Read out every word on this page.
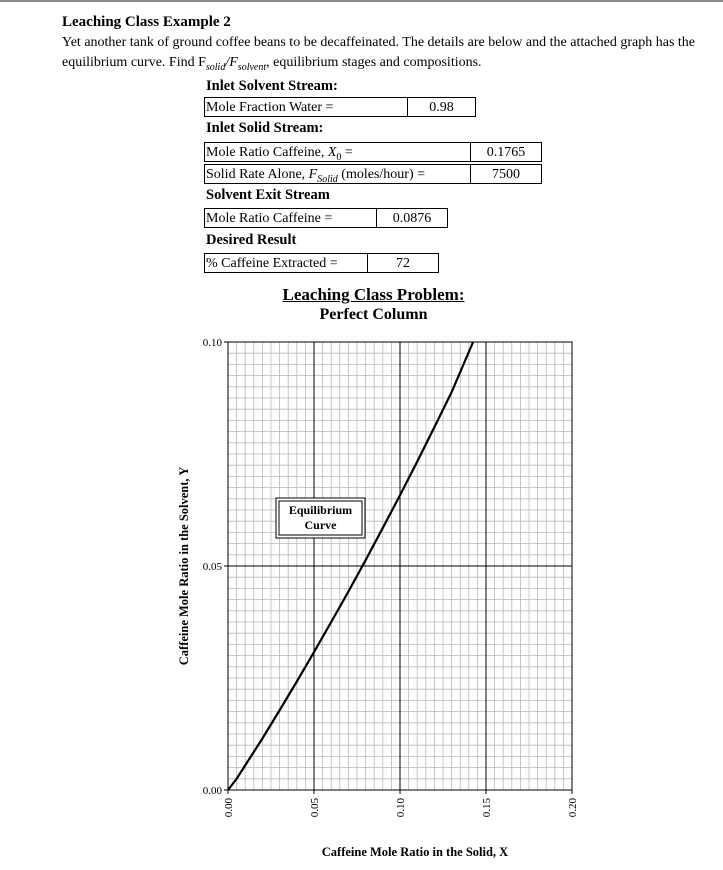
Leaching Class Example 2
Yet another tank of ground coffee beans to be decaffeinated. The details are below and the attached graph has the equilibrium curve. Find $F_{solid}/F_{solvent}$, equilibrium stages and compositions.
Inlet Solvent Stream:
Mole Fraction Water =	0.98
Inlet Solid Stream:
Mole Ratio Caffeine, $X_0$ =	0.1765
Solid Rate Alone, $F_{Solid}$ (moles/hour) =	7500
Solvent Exit Stream
Mole Ratio Caffeine =	0.0876
Desired Result
% Caffeine Extracted =	72
Leaching Class Problem:
Perfect Column
0.00
0.05
0.10
0.00	0.05	0.10	0.15	0.20
Caffeine Mole Ratio in the Solid, X
Caffeine Mole Ratio in the Solvent, Y	Equilibrium
Curve
